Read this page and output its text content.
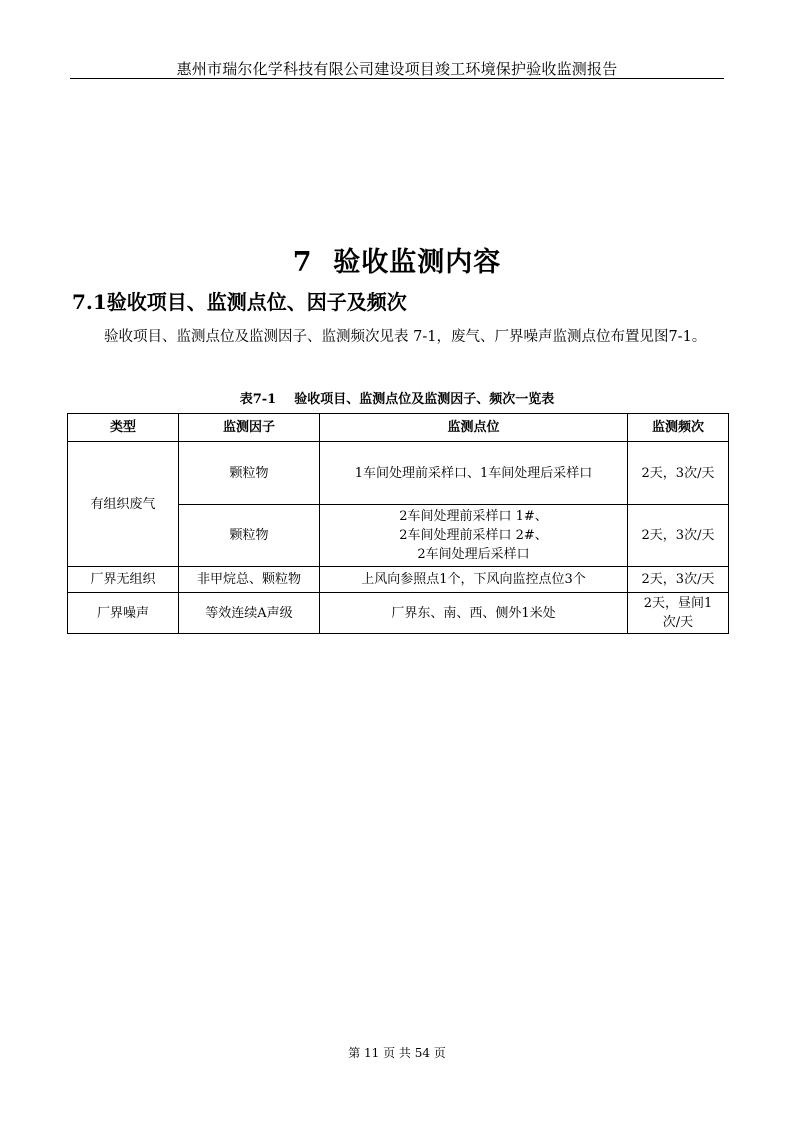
惠州市瑞尔化学科技有限公司建设项目竣工环境保护验收监测报告
7  验收监测内容
7.1验收项目、监测点位、因子及频次
验收项目、监测点位及监测因子、监测频次见表 7-1，废气、厂界噪声监测点位布置见图7-1。
表7-1    验收项目、监测点位及监测因子、频次一览表
类型	监测因子	监测点位	监测频次
有组织废气	颗粒物	1车间处理前采样口、1车间处理后采样口	2天，3次/天
	颗粒物	2车间处理前采样口 1#、
2车间处理前采样口 2#、
2车间处理后采样口	2天，3次/天
厂界无组织	非甲烷总、颗粒物	上风向参照点1个，下风向监控点位3个	2天，3次/天
厂界噪声	等效连续A声级	厂界东、南、西、侧外1米处	2天，昼间1
次/天
第 11 页 共 54 页
